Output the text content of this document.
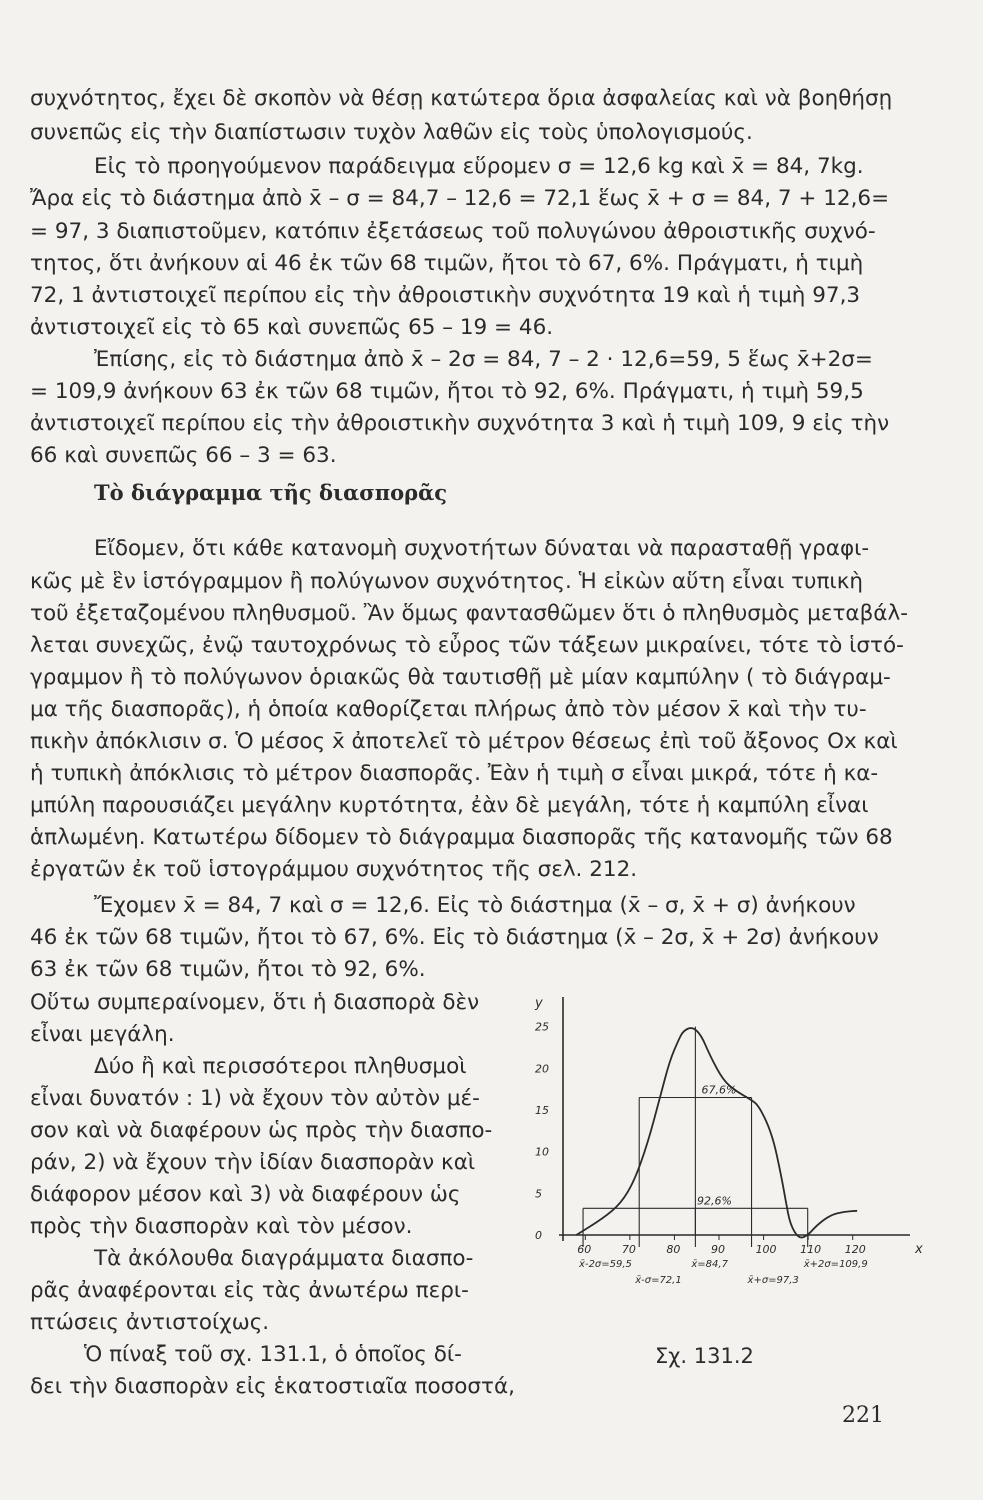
συχνότητος, ἔχει δὲ σκοπὸν νὰ θέσῃ κατώτερα ὅρια ἀσφαλείας καὶ νὰ βοηθήσῃ
συνεπῶς εἰς τὴν διαπίστωσιν τυχὸν λαθῶν εἰς τοὺς ὑπολογισμούς.
Εἰς τὸ προηγούμενον παράδειγμα εὕρομεν σ = 12,6 kg καὶ x̄ = 84, 7kg.
Ἄρα εἰς τὸ διάστημα ἀπὸ x̄ – σ = 84,7 – 12,6 = 72,1 ἕως x̄ + σ = 84, 7 + 12,6=
= 97, 3 διαπιστοῦμεν, κατόπιν ἐξετάσεως τοῦ πολυγώνου ἀθροιστικῆς συχνό-
τητος, ὅτι ἀνήκουν αἱ 46 ἐκ τῶν 68 τιμῶν, ἤτοι τὸ 67, 6%. Πράγματι, ἡ τιμὴ
72, 1 ἀντιστοιχεῖ περίπου εἰς τὴν ἀθροιστικὴν συχνότητα 19 καὶ ἡ τιμὴ 97,3
ἀντιστοιχεῖ εἰς τὸ 65 καὶ συνεπῶς 65 – 19 = 46.
Ἐπίσης, εἰς τὸ διάστημα ἀπὸ x̄ – 2σ = 84, 7 – 2 · 12,6=59, 5 ἕως x̄+2σ=
= 109,9 ἀνήκουν 63 ἐκ τῶν 68 τιμῶν, ἤτοι τὸ 92, 6%. Πράγματι, ἡ τιμὴ 59,5
ἀντιστοιχεῖ περίπου εἰς τὴν ἀθροιστικὴν συχνότητα 3 καὶ ἡ τιμὴ 109, 9 εἰς τὴν
66 καὶ συνεπῶς 66 – 3 = 63.
Τὸ διάγραμμα τῆς διασπορᾶς
Εἴδομεν, ὅτι κάθε κατανομὴ συχνοτήτων δύναται νὰ παρασταθῇ γραφι-
κῶς μὲ ἓν ἱστόγραμμον ἢ πολύγωνον συχνότητος. Ἡ εἰκὼν αὕτη εἶναι τυπικὴ
τοῦ ἐξεταζομένου πληθυσμοῦ. Ἂν ὅμως φαντασθῶμεν ὅτι ὁ πληθυσμὸς μεταβάλ-
λεται συνεχῶς, ἐνῷ ταυτοχρόνως τὸ εὖρος τῶν τάξεων μικραίνει, τότε τὸ ἱστό-
γραμμον ἢ τὸ πολύγωνον ὁριακῶς θὰ ταυτισθῇ μὲ μίαν καμπύλην ( τὸ διάγραμ-
μα τῆς διασπορᾶς), ἡ ὁποία καθορίζεται πλήρως ἀπὸ τὸν μέσον x̄ καὶ τὴν τυ-
πικὴν ἀπόκλισιν σ. Ὁ μέσος x̄ ἀποτελεῖ τὸ μέτρον θέσεως ἐπὶ τοῦ ἄξονος Ox καὶ
ἡ τυπικὴ ἀπόκλισις τὸ μέτρον διασπορᾶς. Ἐὰν ἡ τιμὴ σ εἶναι μικρά, τότε ἡ κα-
μπύλη παρουσιάζει μεγάλην κυρτότητα, ἐὰν δὲ μεγάλη, τότε ἡ καμπύλη εἶναι
ἁπλωμένη. Κατωτέρω δίδομεν τὸ διάγραμμα διασπορᾶς τῆς κατανομῆς τῶν 68
ἐργατῶν ἐκ τοῦ ἱστογράμμου συχνότητος τῆς σελ. 212.
Ἔχομεν x̄ = 84, 7 καὶ σ = 12,6. Εἰς τὸ διάστημα (x̄ – σ, x̄ + σ) ἀνήκουν
46 ἐκ τῶν 68 τιμῶν, ἤτοι τὸ 67, 6%. Εἰς τὸ διάστημα (x̄ – 2σ, x̄ + 2σ) ἀνήκουν
63 ἐκ τῶν 68 τιμῶν, ἤτοι τὸ 92, 6%.
Οὕτω συμπεραίνομεν, ὅτι ἡ διασπορὰ δὲν
εἶναι μεγάλη.
Δύο ἢ καὶ περισσότεροι πληθυσμοὶ
εἶναι δυνατόν : 1) νὰ ἔχουν τὸν αὐτὸν μέ-
σον καὶ νὰ διαφέρουν ὡς πρὸς τὴν διασπο-
ράν, 2) νὰ ἔχουν τὴν ἰδίαν διασπορὰν καὶ
διάφορον μέσον καὶ 3) νὰ διαφέρουν ὡς
πρὸς τὴν διασπορὰν καὶ τὸν μέσον.
Τὰ ἀκόλουθα διαγράμματα διασπο-
ρᾶς ἀναφέρονται εἰς τὰς ἀνωτέρω περι-
πτώσεις ἀντιστοίχως.
Ὁ πίναξ τοῦ σχ. 131.1, ὁ ὁποῖος δί-
δει τὴν διασπορὰν εἰς ἑκατοστιαῖα ποσοστά,
y
x
0
5
10
15
20
25
60	70	80	90	100 110 120
67,6%
92,6%
x̄-2σ=59,5
x̄-σ=72,1
x̄=84,7
x̄+σ=97,3
x̄+2σ=109,9
Σχ. 131.2
221
